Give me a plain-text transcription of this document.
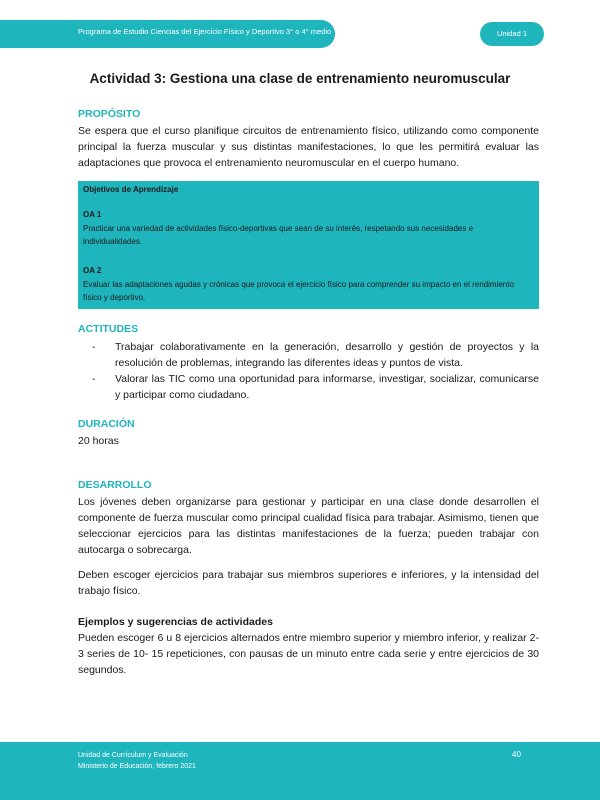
Programa de Estudio Ciencias del Ejercicio Físico y Deportivo 3° o 4° medio	Unidad 1
Actividad 3: Gestiona una clase de entrenamiento neuromuscular
PROPÓSITO
Se espera que el curso planifique circuitos de entrenamiento físico, utilizando como componente principal la fuerza muscular y sus distintas manifestaciones, lo que les permitirá evaluar las adaptaciones que provoca el entrenamiento neuromuscular en el cuerpo humano.
Objetivos de Aprendizaje
OA 1
Practicar una variedad de actividades físico-deportivas que sean de su interés, respetando sus necesidades e individualidades.
OA 2
Evaluar las adaptaciones agudas y crónicas que provoca el ejercicio físico para comprender su impacto en el rendimiento físico y deportivo.
ACTITUDES
- Trabajar colaborativamente en la generación, desarrollo y gestión de proyectos y la resolución de problemas, integrando las diferentes ideas y puntos de vista.
- Valorar las TIC como una oportunidad para informarse, investigar, socializar, comunicarse y participar como ciudadano.
DURACIÓN
20 horas
DESARROLLO
Los jóvenes deben organizarse para gestionar y participar en una clase donde desarrollen el componente de fuerza muscular como principal cualidad física para trabajar. Asimismo, tienen que seleccionar ejercicios para las distintas manifestaciones de la fuerza; pueden trabajar con autocarga o sobrecarga.
Deben escoger ejercicios para trabajar sus miembros superiores e inferiores, y la intensidad del trabajo físico.
Ejemplos y sugerencias de actividades
Pueden escoger 6 u 8 ejercicios alternados entre miembro superior y miembro inferior, y realizar 2- 3 series de 10- 15 repeticiones, con pausas de un minuto entre cada serie y entre ejercicios de 30 segundos.
Unidad de Currículum y Evaluación
Ministerio de Educación, febrero 2021
40
